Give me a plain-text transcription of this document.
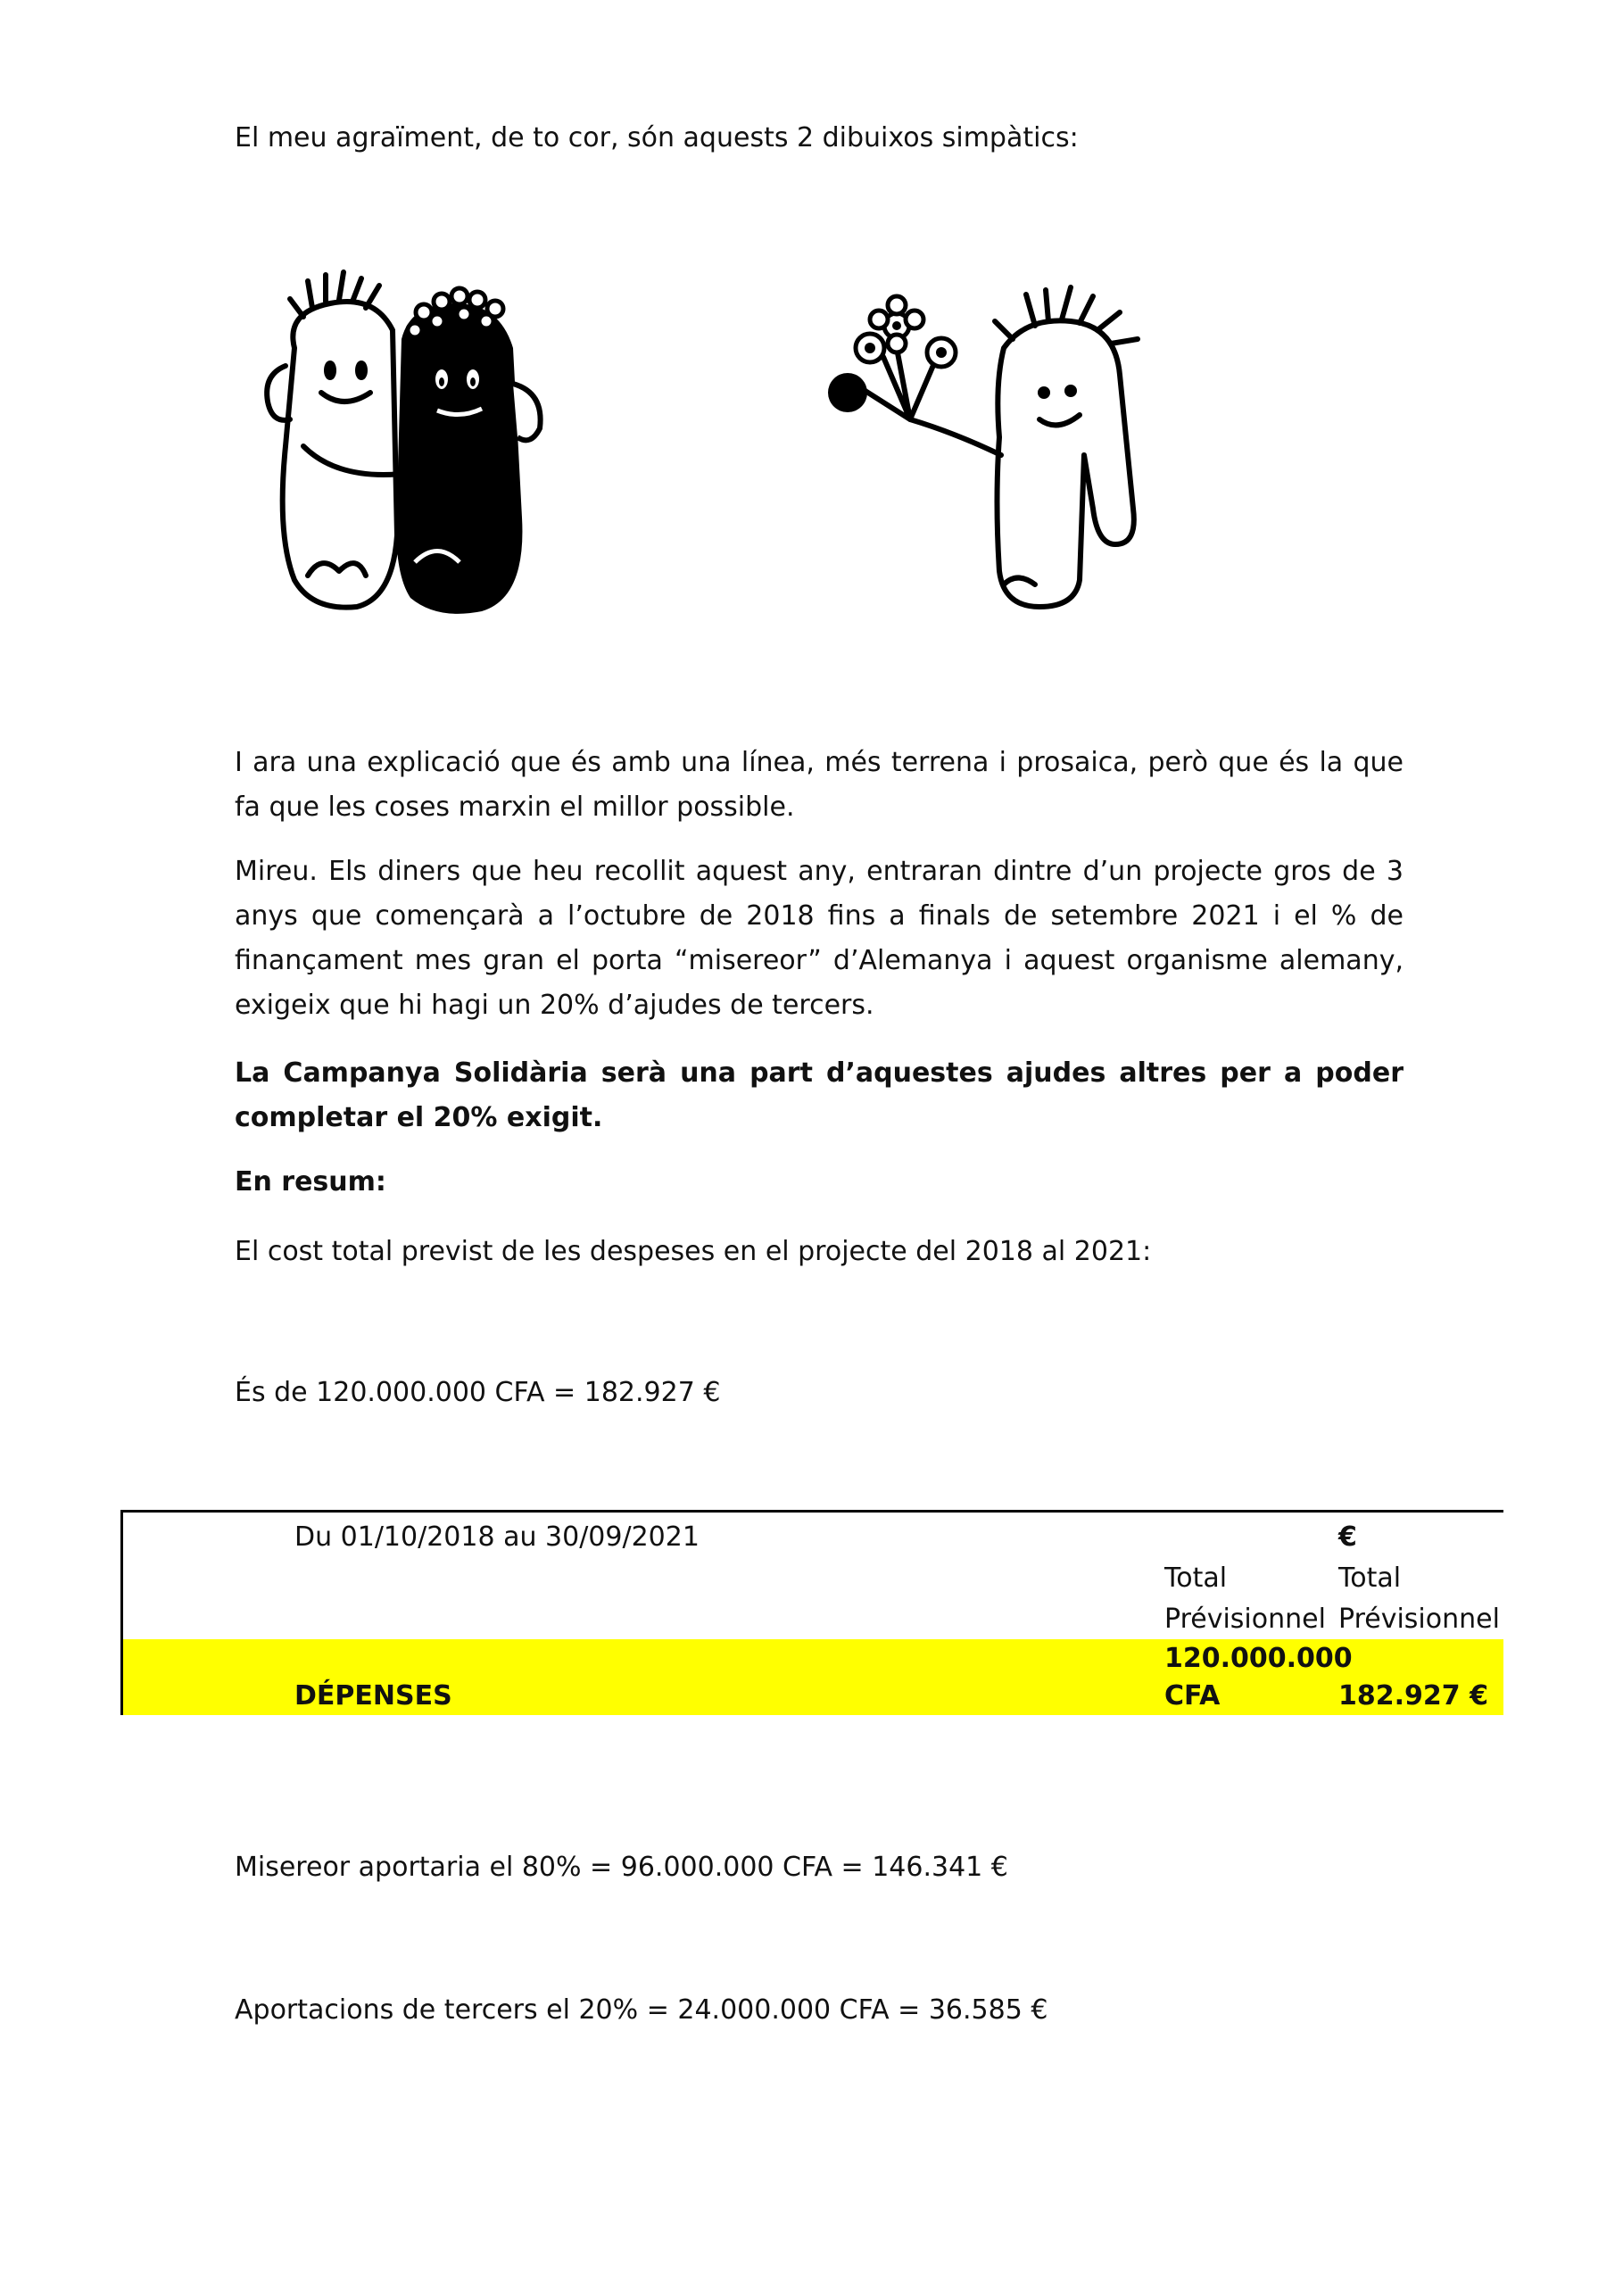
El meu agraïment, de to cor, són aquests 2 dibuixos simpàtics:

I ara una explicació que és amb una línea, més terrena i prosaica, però que és la que fa que les coses marxin el millor possible.

Mireu. Els diners que heu recollit aquest any, entraran dintre d’un projecte gros de 3 anys que començarà a l’octubre de 2018 fins a finals de setembre 2021 i el % de finançament mes gran el porta “misereor” d’Alemanya i aquest organisme alemany, exigeix que hi hagi un 20% d’ajudes de tercers.

La Campanya Solidària serà una part d’aquestes ajudes altres per a poder completar el 20% exigit.

En resum:

El cost total previst de les despeses en el projecte del 2018 al 2021:

És de 120.000.000 CFA = 182.927 €

Du 01/10/2018 au 30/09/2021	€
Total
Prévisionnel
Total
Prévisionnel
120.000.000
CFA
DÉPENSES	182.927 €

Misereor aportaria el 80% = 96.000.000 CFA = 146.341 €

Aportacions de tercers el 20% = 24.000.000 CFA = 36.585 €
